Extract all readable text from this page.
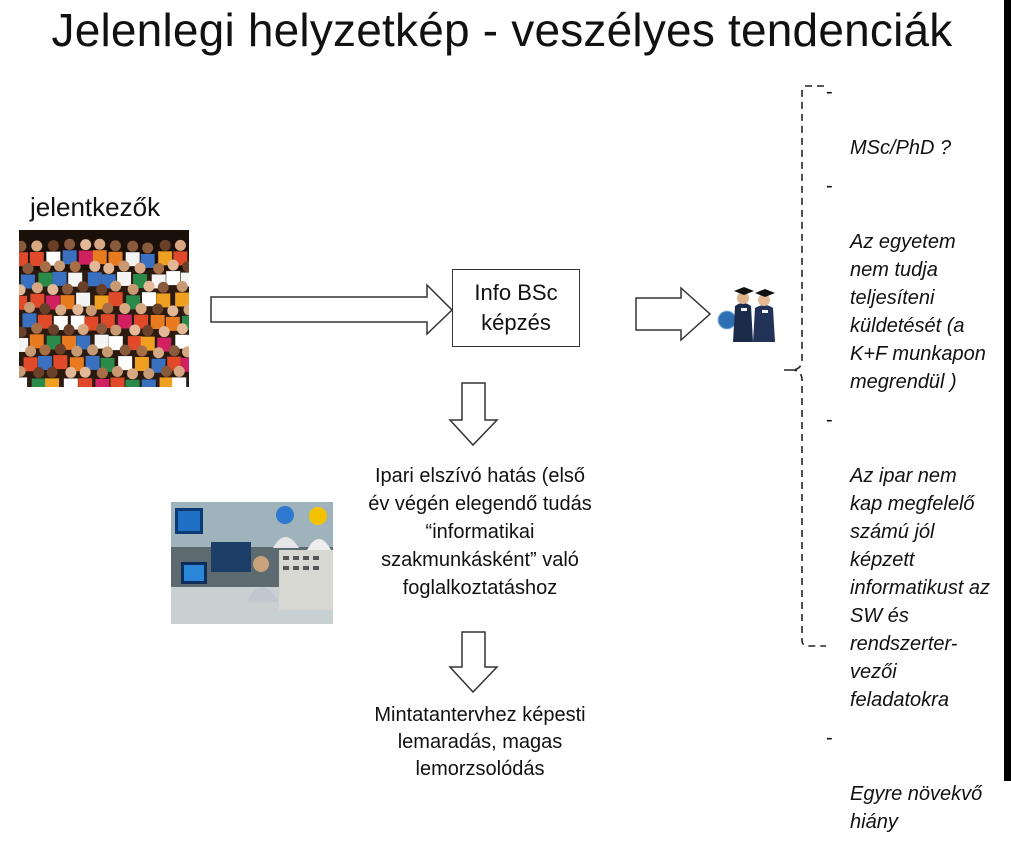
Jelenlegi helyzetkép - veszélyes tendenciák
jelentkezők
Info BSc
képzés
Ipari elszívó hatás (első
év végén elegendő tudás
“informatikai
szakmunkásként” való
foglalkoztatáshoz
Mintatantervhez képesti
lemaradás, magas
lemorzsolódás

-

MSc/PhD ?

-

Az egyetem
nem tudja
teljesíteni
küldetését (a
K+F munkapon
megrendül )

-

Az ipar nem
kap megfelelő
számú jól
képzett
informatikust az
SW és
rendszerter-
vezői
feladatokra

-

Egyre növekvő
hiány
